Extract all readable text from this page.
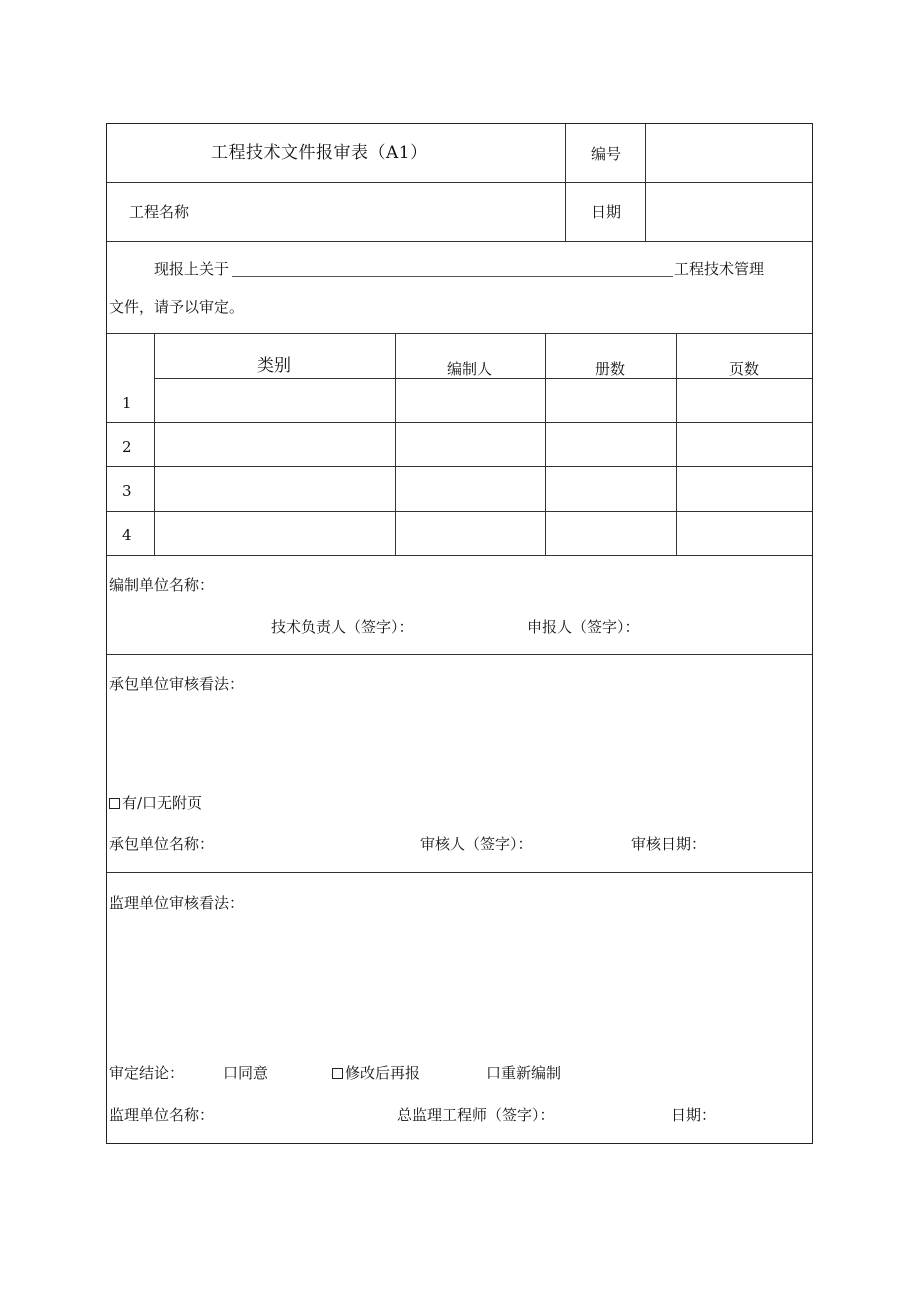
工程技术文件报审表（A1）	编号
工程名称	日期
现报上关于	工程技术管理
文件，请予以审定。
类别	编制人	册数	页数
1
2
3
4
编制单位名称：
技术负责人（签字）：	申报人（签字）：
承包单位审核看法：
有/口无附页
承包单位名称：	审核人（签字）：	审核日期：
监理单位审核看法：
审定结论：	口同意	修改后再报	口重新编制
监理单位名称：	总监理工程师（签字）：	日期：
